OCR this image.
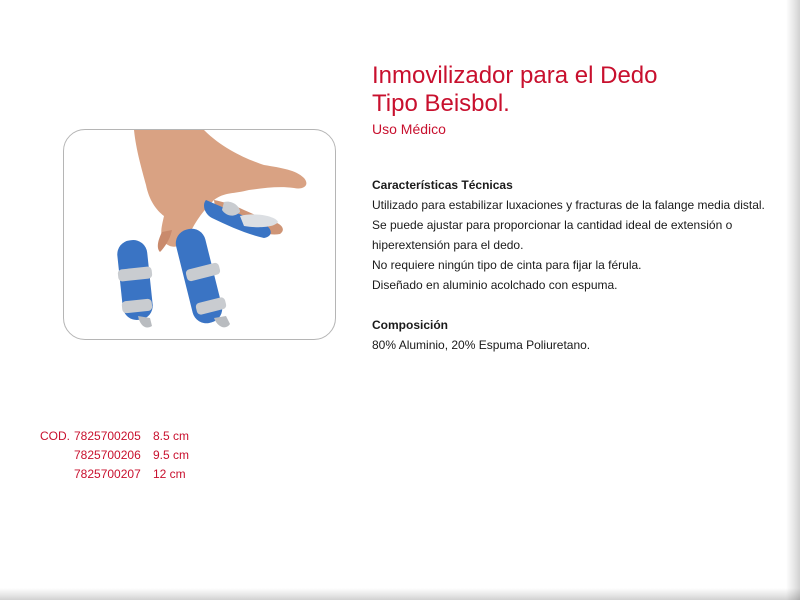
Inmovilizador para el Dedo
Tipo Beisbol.

Uso Médico

Características Técnicas

Utilizado para estabilizar luxaciones y fracturas de la falange media distal.

Se puede ajustar para proporcionar la cantidad ideal de extensión o

hiperextensión para el dedo.

No requiere ningún tipo de cinta para fijar la férula.

Diseñado en aluminio acolchado con espuma.

Composición

80% Aluminio, 20% Espuma Poliuretano.

COD. 7825700205 8.5 cm
7825700206 9.5 cm
7825700207 12 cm
